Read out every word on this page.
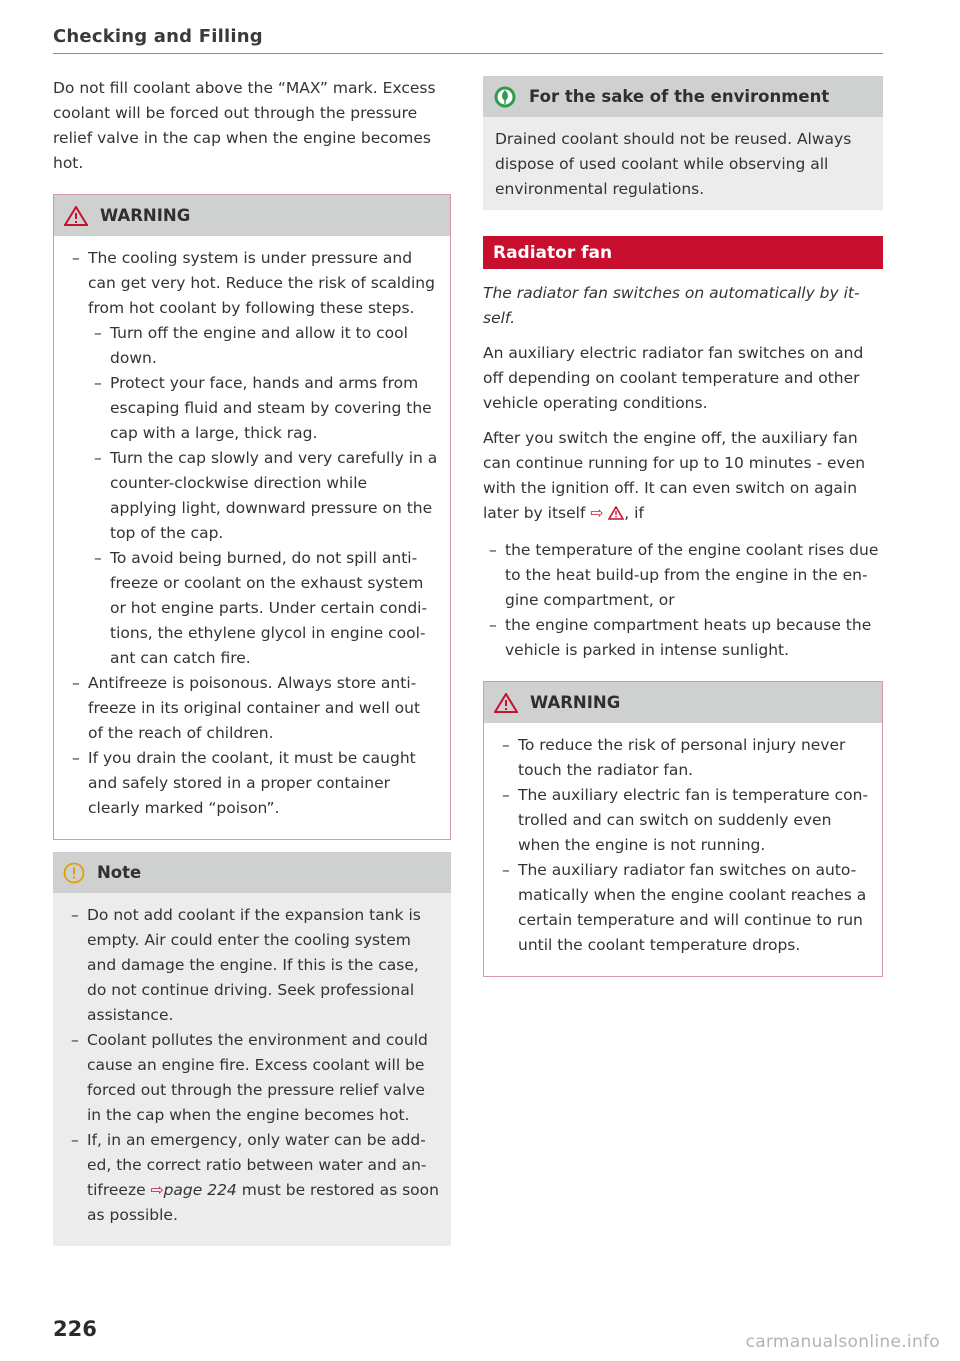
Checking and Filling

Do not fill coolant above the “MAX” mark. Excess coolant will be forced out through the pressure relief valve in the cap when the engine becomes hot.

WARNING
– The cooling system is under pressure and can get very hot. Reduce the risk of scalding from hot coolant by following these steps.
– Turn off the engine and allow it to cool down.
– Protect your face, hands and arms from escaping fluid and steam by covering the cap with a large, thick rag.
– Turn the cap slowly and very carefully in a counter-clockwise direction while applying light, downward pressure on the top of the cap.
– To avoid being burned, do not spill anti-freeze or coolant on the exhaust system or hot engine parts. Under certain condi-tions, the ethylene glycol in engine cool-ant can catch fire.
– Antifreeze is poisonous. Always store anti-freeze in its original container and well out of the reach of children.
– If you drain the coolant, it must be caught and safely stored in a proper container clearly marked “poison”.
Note
– Do not add coolant if the expansion tank is empty. Air could enter the cooling system and damage the engine. If this is the case, do not continue driving. Seek professional assistance.
– Coolant pollutes the environment and could cause an engine fire. Excess coolant will be forced out through the pressure relief valve in the cap when the engine becomes hot.
– If, in an emergency, only water can be add-ed, the correct ratio between water and an-tifreeze ⇨page 224 must be restored as soon as possible.
For the sake of the environment

Drained coolant should not be reused. Always dispose of used coolant while observing all environmental regulations.

Radiator fan

The radiator fan switches on automatically by it-self.

An auxiliary electric radiator fan switches on and off depending on coolant temperature and other vehicle operating conditions.

After you switch the engine off, the auxiliary fan can continue running for up to 10 minutes - even with the ignition off. It can even switch on again later by itself ⇨ , if

– the temperature of the engine coolant rises due to the heat build-up from the engine in the en-gine compartment, or
– the engine compartment heats up because the vehicle is parked in intense sunlight.
WARNING
– To reduce the risk of personal injury never touch the radiator fan.
– The auxiliary electric fan is temperature con-trolled and can switch on suddenly even when the engine is not running.
– The auxiliary radiator fan switches on auto-matically when the engine coolant reaches a certain temperature and will continue to run until the coolant temperature drops.
226
carmanualsonline.info
